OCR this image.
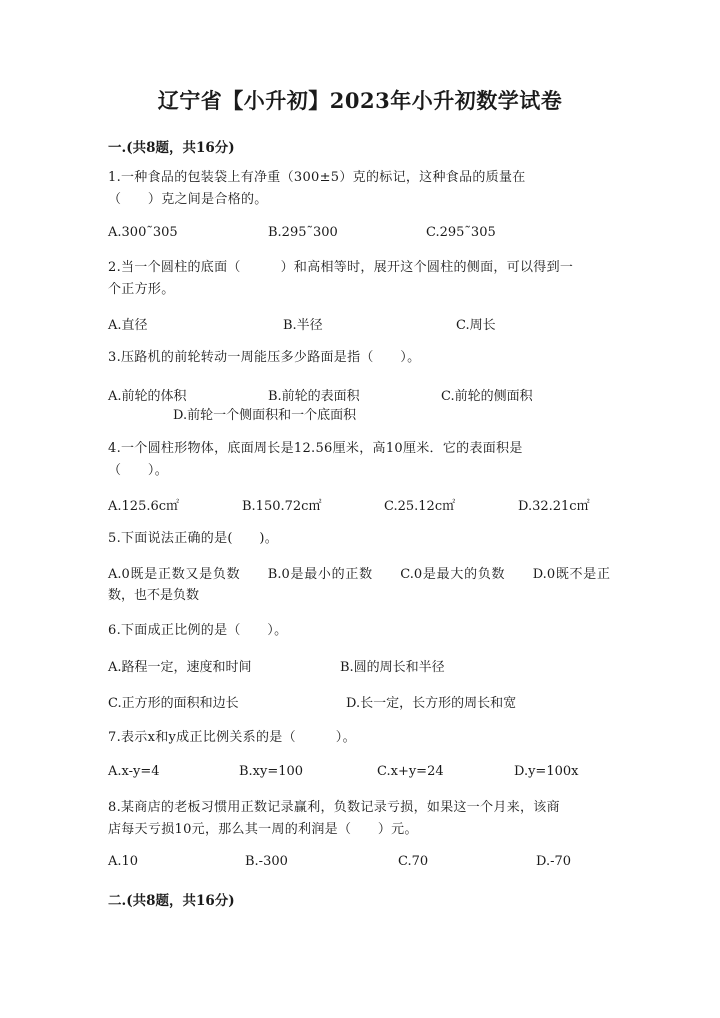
辽宁省【小升初】2023年小升初数学试卷
一.(共8题，共16分)
1.一种食品的包装袋上有净重（300±5）克的标记，这种食品的质量在
（　　）克之间是合格的。
A.300˜305	B.295˜300	C.295˜305
2.当一个圆柱的底面（　　　）和高相等时，展开这个圆柱的侧面，可以得到一
个正方形。
A.直径	B.半径	C.周长
3.压路机的前轮转动一周能压多少路面是指（　　）。
A.前轮的体积	B.前轮的表面积	C.前轮的侧面积
D.前轮一个侧面积和一个底面积
4.一个圆柱形物体，底面周长是12.56厘米，高10厘米．它的表面积是
（　　）。
A.125.6c㎡	B.150.72c㎡	C.25.12c㎡	D.32.21c㎡
5.下面说法正确的是(　　)。
A.0既是正数又是负数　　B.0是最小的正数　　C.0是最大的负数　　D.0既不是正数，也不是负数
6.下面成正比例的是（　　）。
A.路程一定，速度和时间	B.圆的周长和半径
C.正方形的面积和边长	D.长一定，长方形的周长和宽
7.表示x和y成正比例关系的是（　　　）。
A.x-y=4	B.xy=100	C.x+y=24	D.y=100x
8.某商店的老板习惯用正数记录赢利，负数记录亏损，如果这一个月来，该商
店每天亏损10元，那么其一周的利润是（　　）元。
A.10	B.-300	C.70	D.-70
二.(共8题，共16分)
